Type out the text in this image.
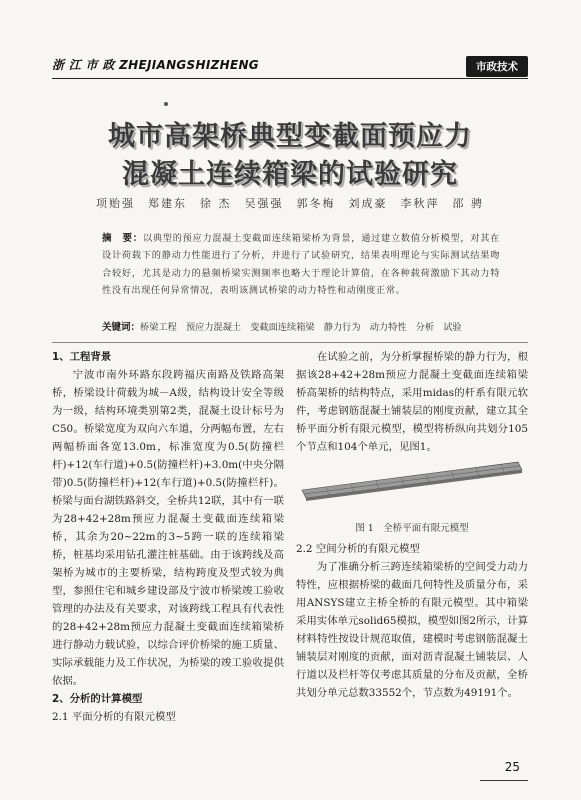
浙 江 市 政 ZHEJIANGSHIZHENG	市政技术
城市高架桥典型变截面预应力
混凝土连续箱梁的试验研究
项贻强　郑建东　徐 杰　吴强强　郭冬梅　刘成豪　李秋萍　邵 骋
摘　要：以典型的预应力混凝土变截面连续箱梁桥为背景，通过建立数值分析模型，对其在设计荷载下的静动力性能进行了分析，并进行了试验研究，结果表明理论与实际测试结果吻合较好，尤其是动力的悬频桥梁实测频率也略大于理论计算值，在各种载荷激励下其动力特性没有出现任何异常情况，表明该测试桥梁的动力特性和动刚度正常。
关键词：桥梁工程　预应力混凝土　变截面连续箱梁　静力行为　动力特性　分析　试验
1、工程背景

宁波市南外环路东段跨福庆南路及铁路高架桥，桥梁设计荷载为城－A级，结构设计安全等级为一级，结构环境类别第2类，混凝土设计标号为C50。桥梁宽度为双向六车道，分两幅布置，左右两幅桥面各宽13.0m，标准宽度为0.5(防撞栏杆)+12(车行道)+0.5(防撞栏杆)+3.0m(中央分隔带)0.5(防撞栏杆)+12(车行道)+0.5(防撞栏杆)。桥梁与面台湖铁路斜交，全桥共12联，其中有一联为28+42+28m预应力混凝土变截面连续箱梁桥，其余为20~22m的3~5跨一联的连续箱梁桥，桩基均采用钻孔灌注桩基础。由于该跨线及高架桥为城市的主要桥梁，结构跨度及型式较为典型，参照住宅和城乡建设部及宁波市桥梁竣工验收管理的办法及有关要求，对该跨线工程具有代表性的28+42+28m预应力混凝土变截面连续箱梁桥进行静动力载试验，以综合评价桥梁的施工质量、实际承载能力及工作状况，为桥梁的竣工验收提供依据。

2、分析的计算模型
2.1 平面分析的有限元模型

在试验之前，为分析掌握桥梁的静力行为，根据该28+42+28m预应力混凝土变截面连续箱梁桥高架桥的结构特点，采用midas的杆系有限元软件，考虑钢筋混凝土铺装层的刚度贡献，建立其全桥平面分析有限元模型，模型将桥纵向共划分105个节点和104个单元，见图1。

图 1　全桥平面有限元模型
2.2 空间分析的有限元模型

为了准确分析三跨连续箱梁桥的空间受力动力特性，应根据桥梁的截面几何特性及质量分布，采用ANSYS建立主桥全桥的有限元模型。其中箱梁采用实体单元solid65模拟，模型如图2所示，计算材料特性按设计规范取值，建模时考虑钢筋混凝土铺装层对刚度的贡献，面对沥青混凝土铺装层、人行道以及栏杆等仅考虑其质量的分布及贡献，全桥共划分单元总数33552个，节点数为49191个。

25
